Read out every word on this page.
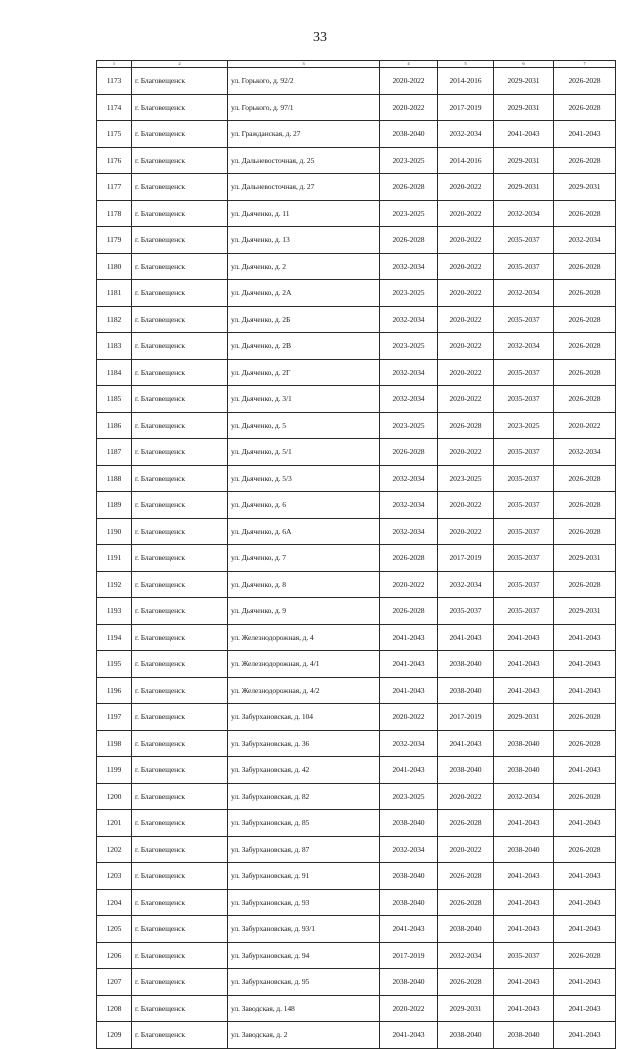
33
1	2	3	4	5	6	7
1173	г. Благовещенск	ул. Горького, д. 92/2	2020-2022	2014-2016	2029-2031	2026-2028
1174	г. Благовещенск	ул. Горького, д. 97/1	2020-2022	2017-2019	2029-2031	2026-2028
1175	г. Благовещенск	ул. Гражданская, д. 27	2038-2040	2032-2034	2041-2043	2041-2043
1176	г. Благовещенск	ул. Дальневосточная, д. 25	2023-2025	2014-2016	2029-2031	2026-2028
1177	г. Благовещенск	ул. Дальневосточная, д. 27	2026-2028	2020-2022	2029-2031	2029-2031
1178	г. Благовещенск	ул. Дьяченко, д. 11	2023-2025	2020-2022	2032-2034	2026-2028
1179	г. Благовещенск	ул. Дьяченко, д. 13	2026-2028	2020-2022	2035-2037	2032-2034
1180	г. Благовещенск	ул. Дьяченко, д. 2	2032-2034	2020-2022	2035-2037	2026-2028
1181	г. Благовещенск	ул. Дьяченко, д. 2А	2023-2025	2020-2022	2032-2034	2026-2028
1182	г. Благовещенск	ул. Дьяченко, д. 2Б	2032-2034	2020-2022	2035-2037	2026-2028
1183	г. Благовещенск	ул. Дьяченко, д. 2В	2023-2025	2020-2022	2032-2034	2026-2028
1184	г. Благовещенск	ул. Дьяченко, д. 2Г	2032-2034	2020-2022	2035-2037	2026-2028
1185	г. Благовещенск	ул. Дьяченко, д. 3/1	2032-2034	2020-2022	2035-2037	2026-2028
1186	г. Благовещенск	ул. Дьяченко, д. 5	2023-2025	2026-2028	2023-2025	2020-2022
1187	г. Благовещенск	ул. Дьяченко, д. 5/1	2026-2028	2020-2022	2035-2037	2032-2034
1188	г. Благовещенск	ул. Дьяченко, д. 5/3	2032-2034	2023-2025	2035-2037	2026-2028
1189	г. Благовещенск	ул. Дьяченко, д. 6	2032-2034	2020-2022	2035-2037	2026-2028
1190	г. Благовещенск	ул. Дьяченко, д. 6А	2032-2034	2020-2022	2035-2037	2026-2028
1191	г. Благовещенск	ул. Дьяченко, д. 7	2026-2028	2017-2019	2035-2037	2029-2031
1192	г. Благовещенск	ул. Дьяченко, д. 8	2020-2022	2032-2034	2035-2037	2026-2028
1193	г. Благовещенск	ул. Дьяченко, д. 9	2026-2028	2035-2037	2035-2037	2029-2031
1194	г. Благовещенск	ул. Железнодорожная, д. 4	2041-2043	2041-2043	2041-2043	2041-2043
1195	г. Благовещенск	ул. Железнодорожная, д. 4/1	2041-2043	2038-2040	2041-2043	2041-2043
1196	г. Благовещенск	ул. Железнодорожная, д. 4/2	2041-2043	2038-2040	2041-2043	2041-2043
1197	г. Благовещенск	ул. Забурхановская, д. 104	2020-2022	2017-2019	2029-2031	2026-2028
1198	г. Благовещенск	ул. Забурхановская, д. 36	2032-2034	2041-2043	2038-2040	2026-2028
1199	г. Благовещенск	ул. Забурхановская, д. 42	2041-2043	2038-2040	2038-2040	2041-2043
1200	г. Благовещенск	ул. Забурхановская, д. 82	2023-2025	2020-2022	2032-2034	2026-2028
1201	г. Благовещенск	ул. Забурхановская, д. 85	2038-2040	2026-2028	2041-2043	2041-2043
1202	г. Благовещенск	ул. Забурхановская, д. 87	2032-2034	2020-2022	2038-2040	2026-2028
1203	г. Благовещенск	ул. Забурхановская, д. 91	2038-2040	2026-2028	2041-2043	2041-2043
1204	г. Благовещенск	ул. Забурхановская, д. 93	2038-2040	2026-2028	2041-2043	2041-2043
1205	г. Благовещенск	ул. Забурхановская, д. 93/1	2041-2043	2038-2040	2041-2043	2041-2043
1206	г. Благовещенск	ул. Забурхановская, д. 94	2017-2019	2032-2034	2035-2037	2026-2028
1207	г. Благовещенск	ул. Забурхановская, д. 95	2038-2040	2026-2028	2041-2043	2041-2043
1208	г. Благовещенск	ул. Заводская, д. 148	2020-2022	2029-2031	2041-2043	2041-2043
1209	г. Благовещенск	ул. Заводская, д. 2	2041-2043	2038-2040	2038-2040	2041-2043
